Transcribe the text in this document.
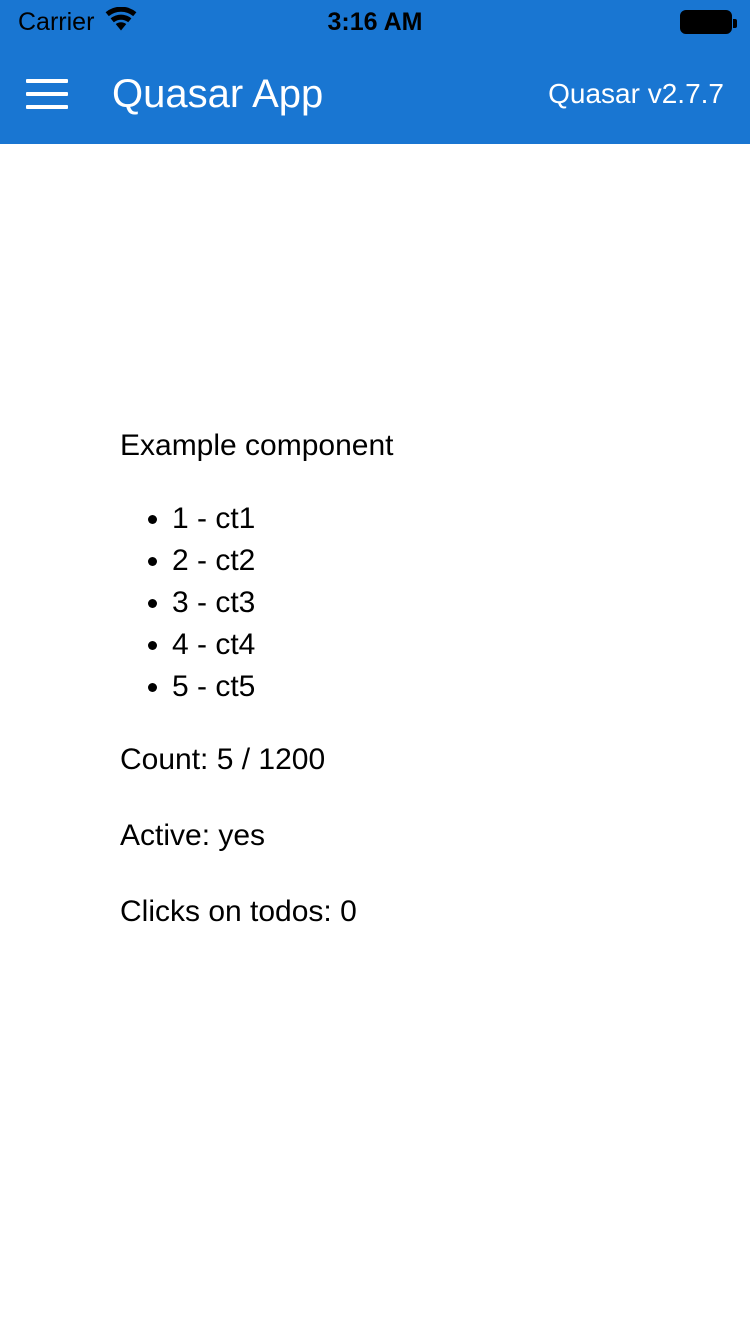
Carrier	3:16 AM
Quasar App	Quasar v2.7.7
Example component
• 1 - ct1
• 2 - ct2
• 3 - ct3
• 4 - ct4
• 5 - ct5
Count: 5 / 1200
Active: yes
Clicks on todos: 0
